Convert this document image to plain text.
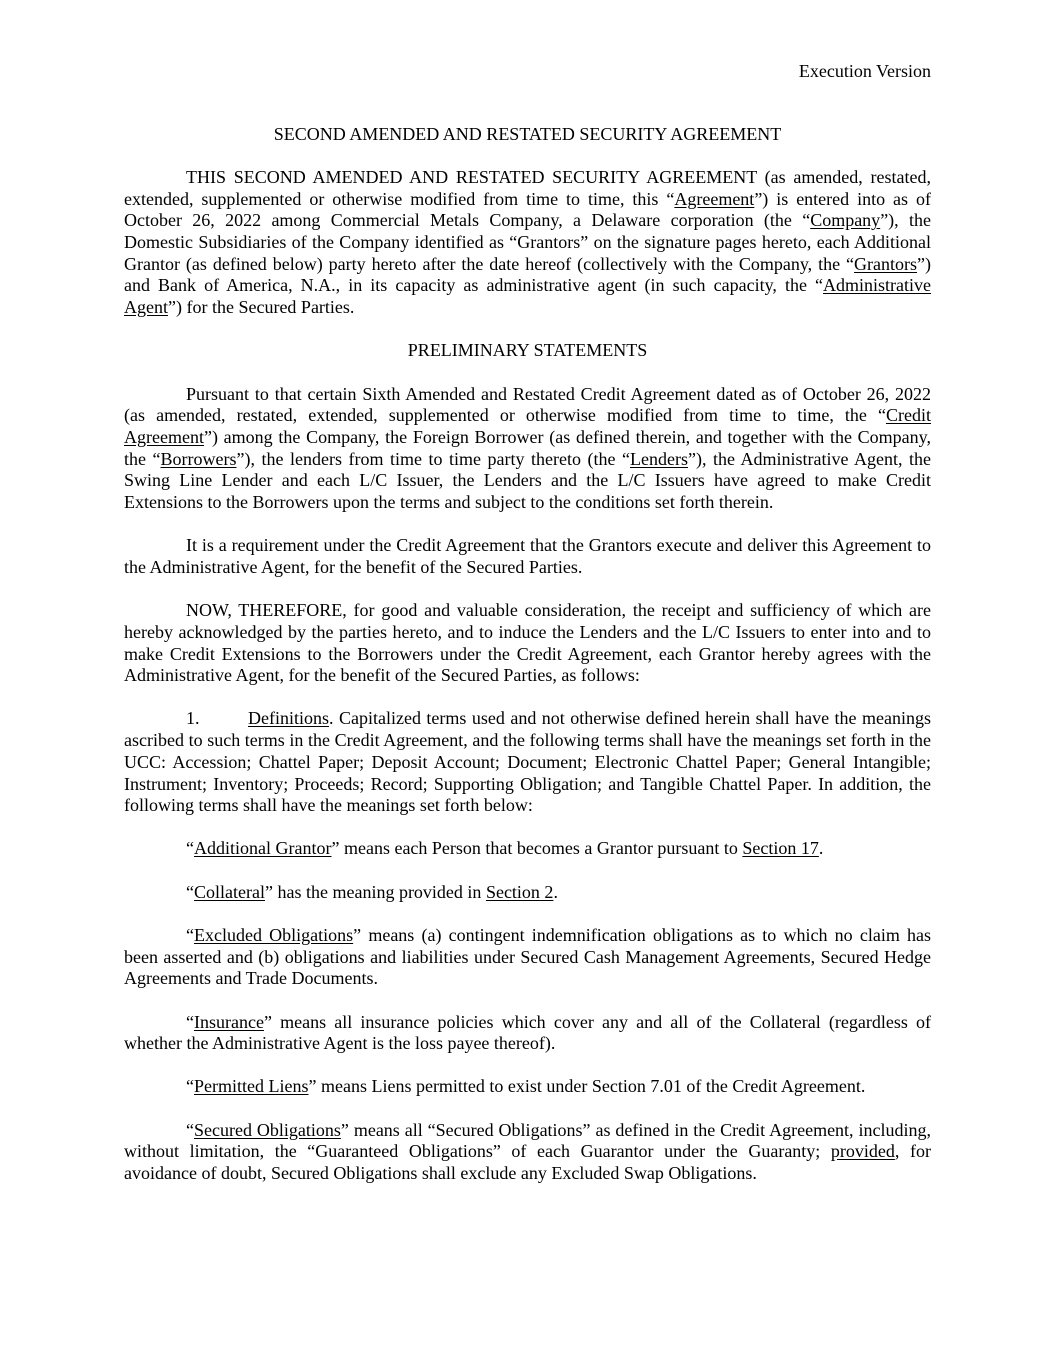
Execution Version
SECOND AMENDED AND RESTATED SECURITY AGREEMENT

THIS SECOND AMENDED AND RESTATED SECURITY AGREEMENT (as amended, restated, extended, supplemented or otherwise modified from time to time, this “Agreement”) is entered into as of October 26, 2022 among Commercial Metals Company, a Delaware corporation (the “Company”), the Domestic Subsidiaries of the Company identified as “Grantors” on the signature pages hereto, each Additional Grantor (as defined below) party hereto after the date hereof (collectively with the Company, the “Grantors”) and Bank of America, N.A., in its capacity as administrative agent (in such capacity, the “Administrative Agent”) for the Secured Parties.

PRELIMINARY STATEMENTS

Pursuant to that certain Sixth Amended and Restated Credit Agreement dated as of October 26, 2022 (as amended, restated, extended, supplemented or otherwise modified from time to time, the “Credit Agreement”) among the Company, the Foreign Borrower (as defined therein, and together with the Company, the “Borrowers”), the lenders from time to time party thereto (the “Lenders”), the Administrative Agent, the Swing Line Lender and each L/C Issuer, the Lenders and the L/C Issuers have agreed to make Credit Extensions to the Borrowers upon the terms and subject to the conditions set forth therein.

It is a requirement under the Credit Agreement that the Grantors execute and deliver this Agreement to the Administrative Agent, for the benefit of the Secured Parties.

NOW, THEREFORE, for good and valuable consideration, the receipt and sufficiency of which are hereby acknowledged by the parties hereto, and to induce the Lenders and the L/C Issuers to enter into and to make Credit Extensions to the Borrowers under the Credit Agreement, each Grantor hereby agrees with the Administrative Agent, for the benefit of the Secured Parties, as follows:

1.	Definitions. Capitalized terms used and not otherwise defined herein shall have the meanings ascribed to such terms in the Credit Agreement, and the following terms shall have the meanings set forth in the UCC: Accession; Chattel Paper; Deposit Account; Document; Electronic Chattel Paper; General Intangible; Instrument; Inventory; Proceeds; Record; Supporting Obligation; and Tangible Chattel Paper. In addition, the following terms shall have the meanings set forth below:

“Additional Grantor” means each Person that becomes a Grantor pursuant to Section 17.

“Collateral” has the meaning provided in Section 2.

“Excluded Obligations” means (a) contingent indemnification obligations as to which no claim has been asserted and (b) obligations and liabilities under Secured Cash Management Agreements, Secured Hedge Agreements and Trade Documents.

“Insurance” means all insurance policies which cover any and all of the Collateral (regardless of whether the Administrative Agent is the loss payee thereof).

“Permitted Liens” means Liens permitted to exist under Section 7.01 of the Credit Agreement.

“Secured Obligations” means all “Secured Obligations” as defined in the Credit Agreement, including, without limitation, the “Guaranteed Obligations” of each Guarantor under the Guaranty; provided, for avoidance of doubt, Secured Obligations shall exclude any Excluded Swap Obligations.
